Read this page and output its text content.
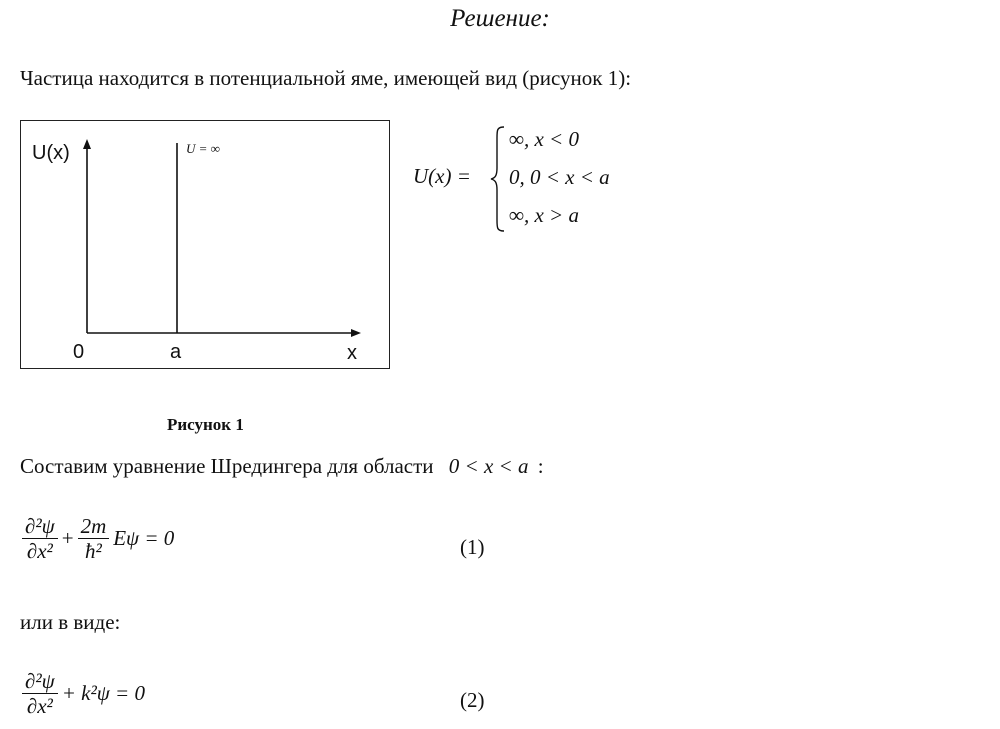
Решение:
Частица находится в потенциальной яме, имеющей вид (рисунок 1):
U(x)	U = ∞
0	a	x
U(x) =
∞, x < 0
0, 0 < x < a
∞, x > a
Рисунок 1
Составим уравнение Шредингера для области 0 < x < a :
$\frac{\text{∂²ψ}}{\text{∂x²}} + \frac{2m}{\text{ħ²}}$ Eψ = 0	(1)
или в виде:
$\frac{\text{∂²ψ}}{\text{∂x²}} + k^2\psi = 0$	(2)
